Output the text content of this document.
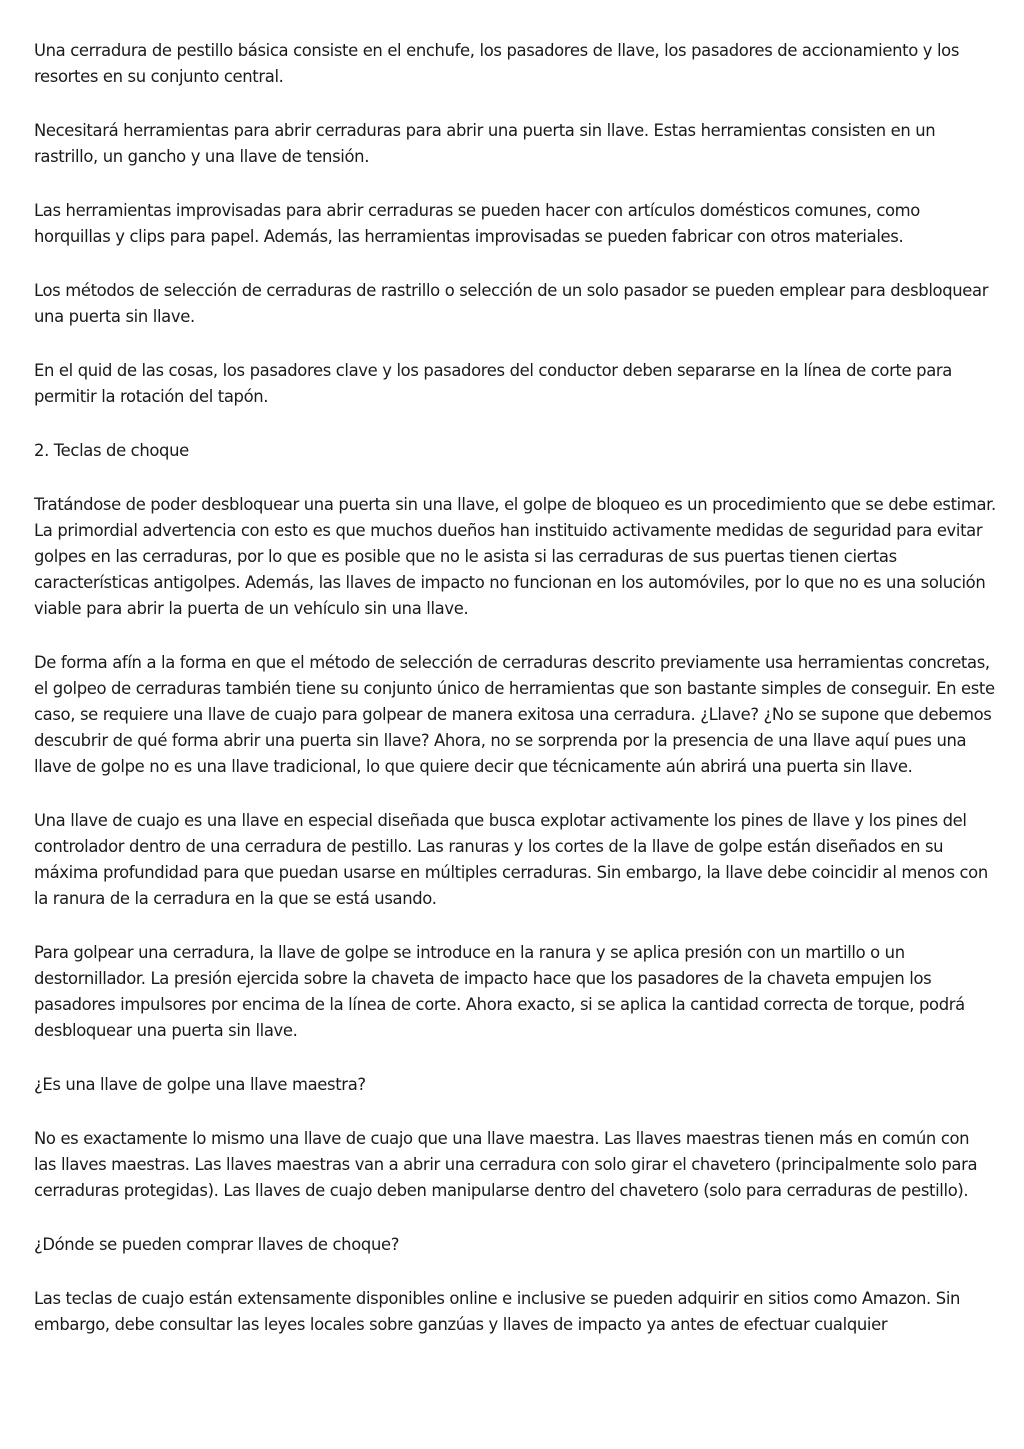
Una cerradura de pestillo básica consiste en el enchufe, los pasadores de llave, los pasadores de accionamiento y los resortes en su conjunto central.

Necesitará herramientas para abrir cerraduras para abrir una puerta sin llave. Estas herramientas consisten en un rastrillo, un gancho y una llave de tensión.

Las herramientas improvisadas para abrir cerraduras se pueden hacer con artículos domésticos comunes, como horquillas y clips para papel. Además, las herramientas improvisadas se pueden fabricar con otros materiales.

Los métodos de selección de cerraduras de rastrillo o selección de un solo pasador se pueden emplear para desbloquear una puerta sin llave.

En el quid de las cosas, los pasadores clave y los pasadores del conductor deben separarse en la línea de corte para permitir la rotación del tapón.

2. Teclas de choque

Tratándose de poder desbloquear una puerta sin una llave, el golpe de bloqueo es un procedimiento que se debe estimar. La primordial advertencia con esto es que muchos dueños han instituido activamente medidas de seguridad para evitar golpes en las cerraduras, por lo que es posible que no le asista si las cerraduras de sus puertas tienen ciertas características antigolpes. Además, las llaves de impacto no funcionan en los automóviles, por lo que no es una solución viable para abrir la puerta de un vehículo sin una llave.

De forma afín a la forma en que el método de selección de cerraduras descrito previamente usa herramientas concretas, el golpeo de cerraduras también tiene su conjunto único de herramientas que son bastante simples de conseguir. En este caso, se requiere una llave de cuajo para golpear de manera exitosa una cerradura. ¿Llave? ¿No se supone que debemos descubrir de qué forma abrir una puerta sin llave? Ahora, no se sorprenda por la presencia de una llave aquí pues una llave de golpe no es una llave tradicional, lo que quiere decir que técnicamente aún abrirá una puerta sin llave.

Una llave de cuajo es una llave en especial diseñada que busca explotar activamente los pines de llave y los pines del controlador dentro de una cerradura de pestillo. Las ranuras y los cortes de la llave de golpe están diseñados en su máxima profundidad para que puedan usarse en múltiples cerraduras. Sin embargo, la llave debe coincidir al menos con la ranura de la cerradura en la que se está usando.

Para golpear una cerradura, la llave de golpe se introduce en la ranura y se aplica presión con un martillo o un destornillador. La presión ejercida sobre la chaveta de impacto hace que los pasadores de la chaveta empujen los pasadores impulsores por encima de la línea de corte. Ahora exacto, si se aplica la cantidad correcta de torque, podrá desbloquear una puerta sin llave.

¿Es una llave de golpe una llave maestra?

No es exactamente lo mismo una llave de cuajo que una llave maestra. Las llaves maestras tienen más en común con las llaves maestras. Las llaves maestras van a abrir una cerradura con solo girar el chavetero (principalmente solo para cerraduras protegidas). Las llaves de cuajo deben manipularse dentro del chavetero (solo para cerraduras de pestillo).

¿Dónde se pueden comprar llaves de choque?

Las teclas de cuajo están extensamente disponibles online e inclusive se pueden adquirir en sitios como Amazon. Sin embargo, debe consultar las leyes locales sobre ganzúas y llaves de impacto ya antes de efectuar cualquier
